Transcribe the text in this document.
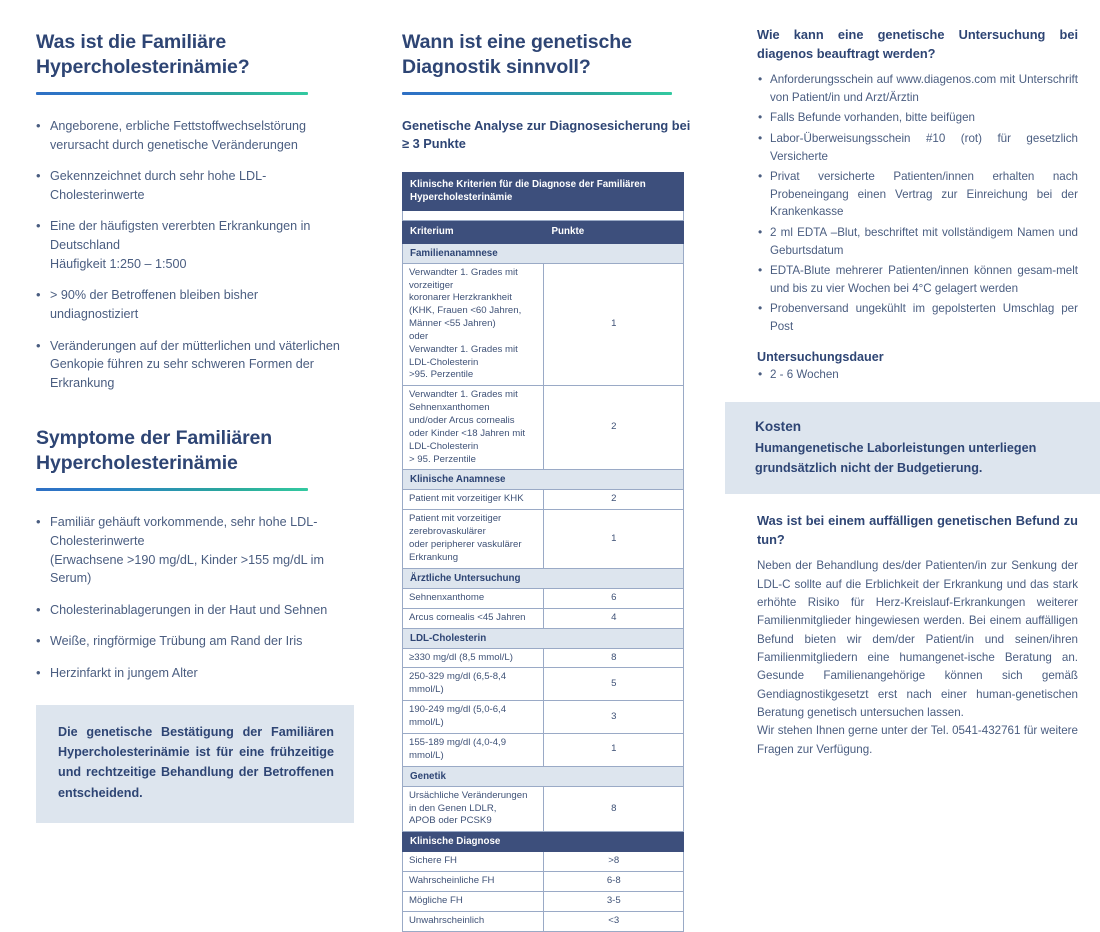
Was ist die Familiäre Hypercholesterinämie?
• Angeborene, erbliche Fettstoffwechselstörung verursacht durch genetische Veränderungen
• Gekennzeichnet durch sehr hohe LDL-Cholesterinwerte
• Eine der häufigsten vererbten Erkrankungen in Deutschland
Häufigkeit 1:250 – 1:500
• > 90% der Betroffenen bleiben bisher undiagnostiziert
• Veränderungen auf der mütterlichen und väterlichen Genkopie führen zu sehr schweren Formen der Erkrankung
Symptome der Familiären Hypercholesterinämie
• Familiär gehäuft vorkommende, sehr hohe LDL-Cholesterinwerte
(Erwachsene >190 mg/dL, Kinder >155 mg/dL im Serum)
• Cholesterinablagerungen in der Haut und Sehnen
• Weiße, ringförmige Trübung am Rand der Iris
• Herzinfarkt in jungem Alter
Die genetische Bestätigung der Familiären Hypercholesterinämie ist für eine frühzeitige und rechtzeitige Behandlung der Betroffenen entscheidend.
Wann ist eine genetische Diagnostik sinnvoll?

Genetische Analyse zur Diagnosesicherung bei ≥ 3 Punkte

Klinische Kriterien für die Diagnose der Familiären Hypercholesterinämie	

Kriterium	Punkte
Familienanamnese	

Verwandter 1. Grades mit vorzeitiger
koronarer Herzkrankheit
(KHK, Frauen <60 Jahren, Männer <55 Jahren)
oder
Verwandter 1. Grades mit LDL-Cholesterin
>95. Perzentile
	1

Verwandter 1. Grades mit Sehnenxanthomen
und/oder Arcus cornealis
oder Kinder <18 Jahren mit LDL-Cholesterin
> 95. Perzentile	2
Klinische Anamnese	

Patient mit vorzeitiger KHK	2

Patient mit vorzeitiger zerebrovaskulärer
oder peripherer vaskulärer Erkrankung	1
Ärztliche Untersuchung	

Sehnenxanthome	6

Arcus cornealis <45 Jahren	4
LDL-Cholesterin	

≥330 mg/dl (8,5 mmol/L)	8

250-329 mg/dl (6,5-8,4 mmol/L)	5

190-249 mg/dl (5,0-6,4 mmol/L)	3

155-189 mg/dl (4,0-4,9 mmol/L)	1
Genetik	

Ursächliche Veränderungen in den Genen LDLR,
APOB oder PCSK9	8
Klinische Diagnose	

Sichere FH	>8

Wahrscheinliche FH	6-8

Mögliche FH	3-5

Unwahrscheinlich	<3

Wie kann eine genetische Untersuchung bei diagenos beauftragt werden?

• Anforderungsschein auf www.diagenos.com mit Unterschrift von Patient/in und Arzt/Ärztin
• Falls Befunde vorhanden, bitte beifügen
• Labor-Überweisungsschein #10 (rot) für gesetzlich Versicherte
• Privat versicherte Patienten/innen erhalten nach Probeneingang einen Vertrag zur Einreichung bei der Krankenkasse
• 2 ml EDTA –Blut, beschriftet mit vollständigem Namen und Geburtsdatum
• EDTA-Blute mehrerer Patienten/innen können gesam-melt und bis zu vier Wochen bei 4°C gelagert werden
• Probenversand ungekühlt im gepolsterten Umschlag per Post

Untersuchungsdauer

• 2 - 6 Wochen
Kosten
Humangenetische Laborleistungen unterliegen grundsätzlich nicht der Budgetierung.

Was ist bei einem auffälligen genetischen Befund zu tun?

Neben der Behandlung des/der Patienten/in zur Senkung der LDL-C sollte auf die Erblichkeit der Erkrankung und das stark erhöhte Risiko für Herz-Kreislauf-Erkrankungen weiterer Familienmitglieder hingewiesen werden. Bei einem auffälligen Befund bieten wir dem/der Patient/in und seinen/ihren Familienmitgliedern eine humangenet-ische Beratung an. Gesunde Familienangehörige können sich gemäß Gendiagnostikgesetzt erst nach einer human-genetischen Beratung genetisch untersuchen lassen.

Wir stehen Ihnen gerne unter der Tel. 0541-432761 für weitere Fragen zur Verfügung.
